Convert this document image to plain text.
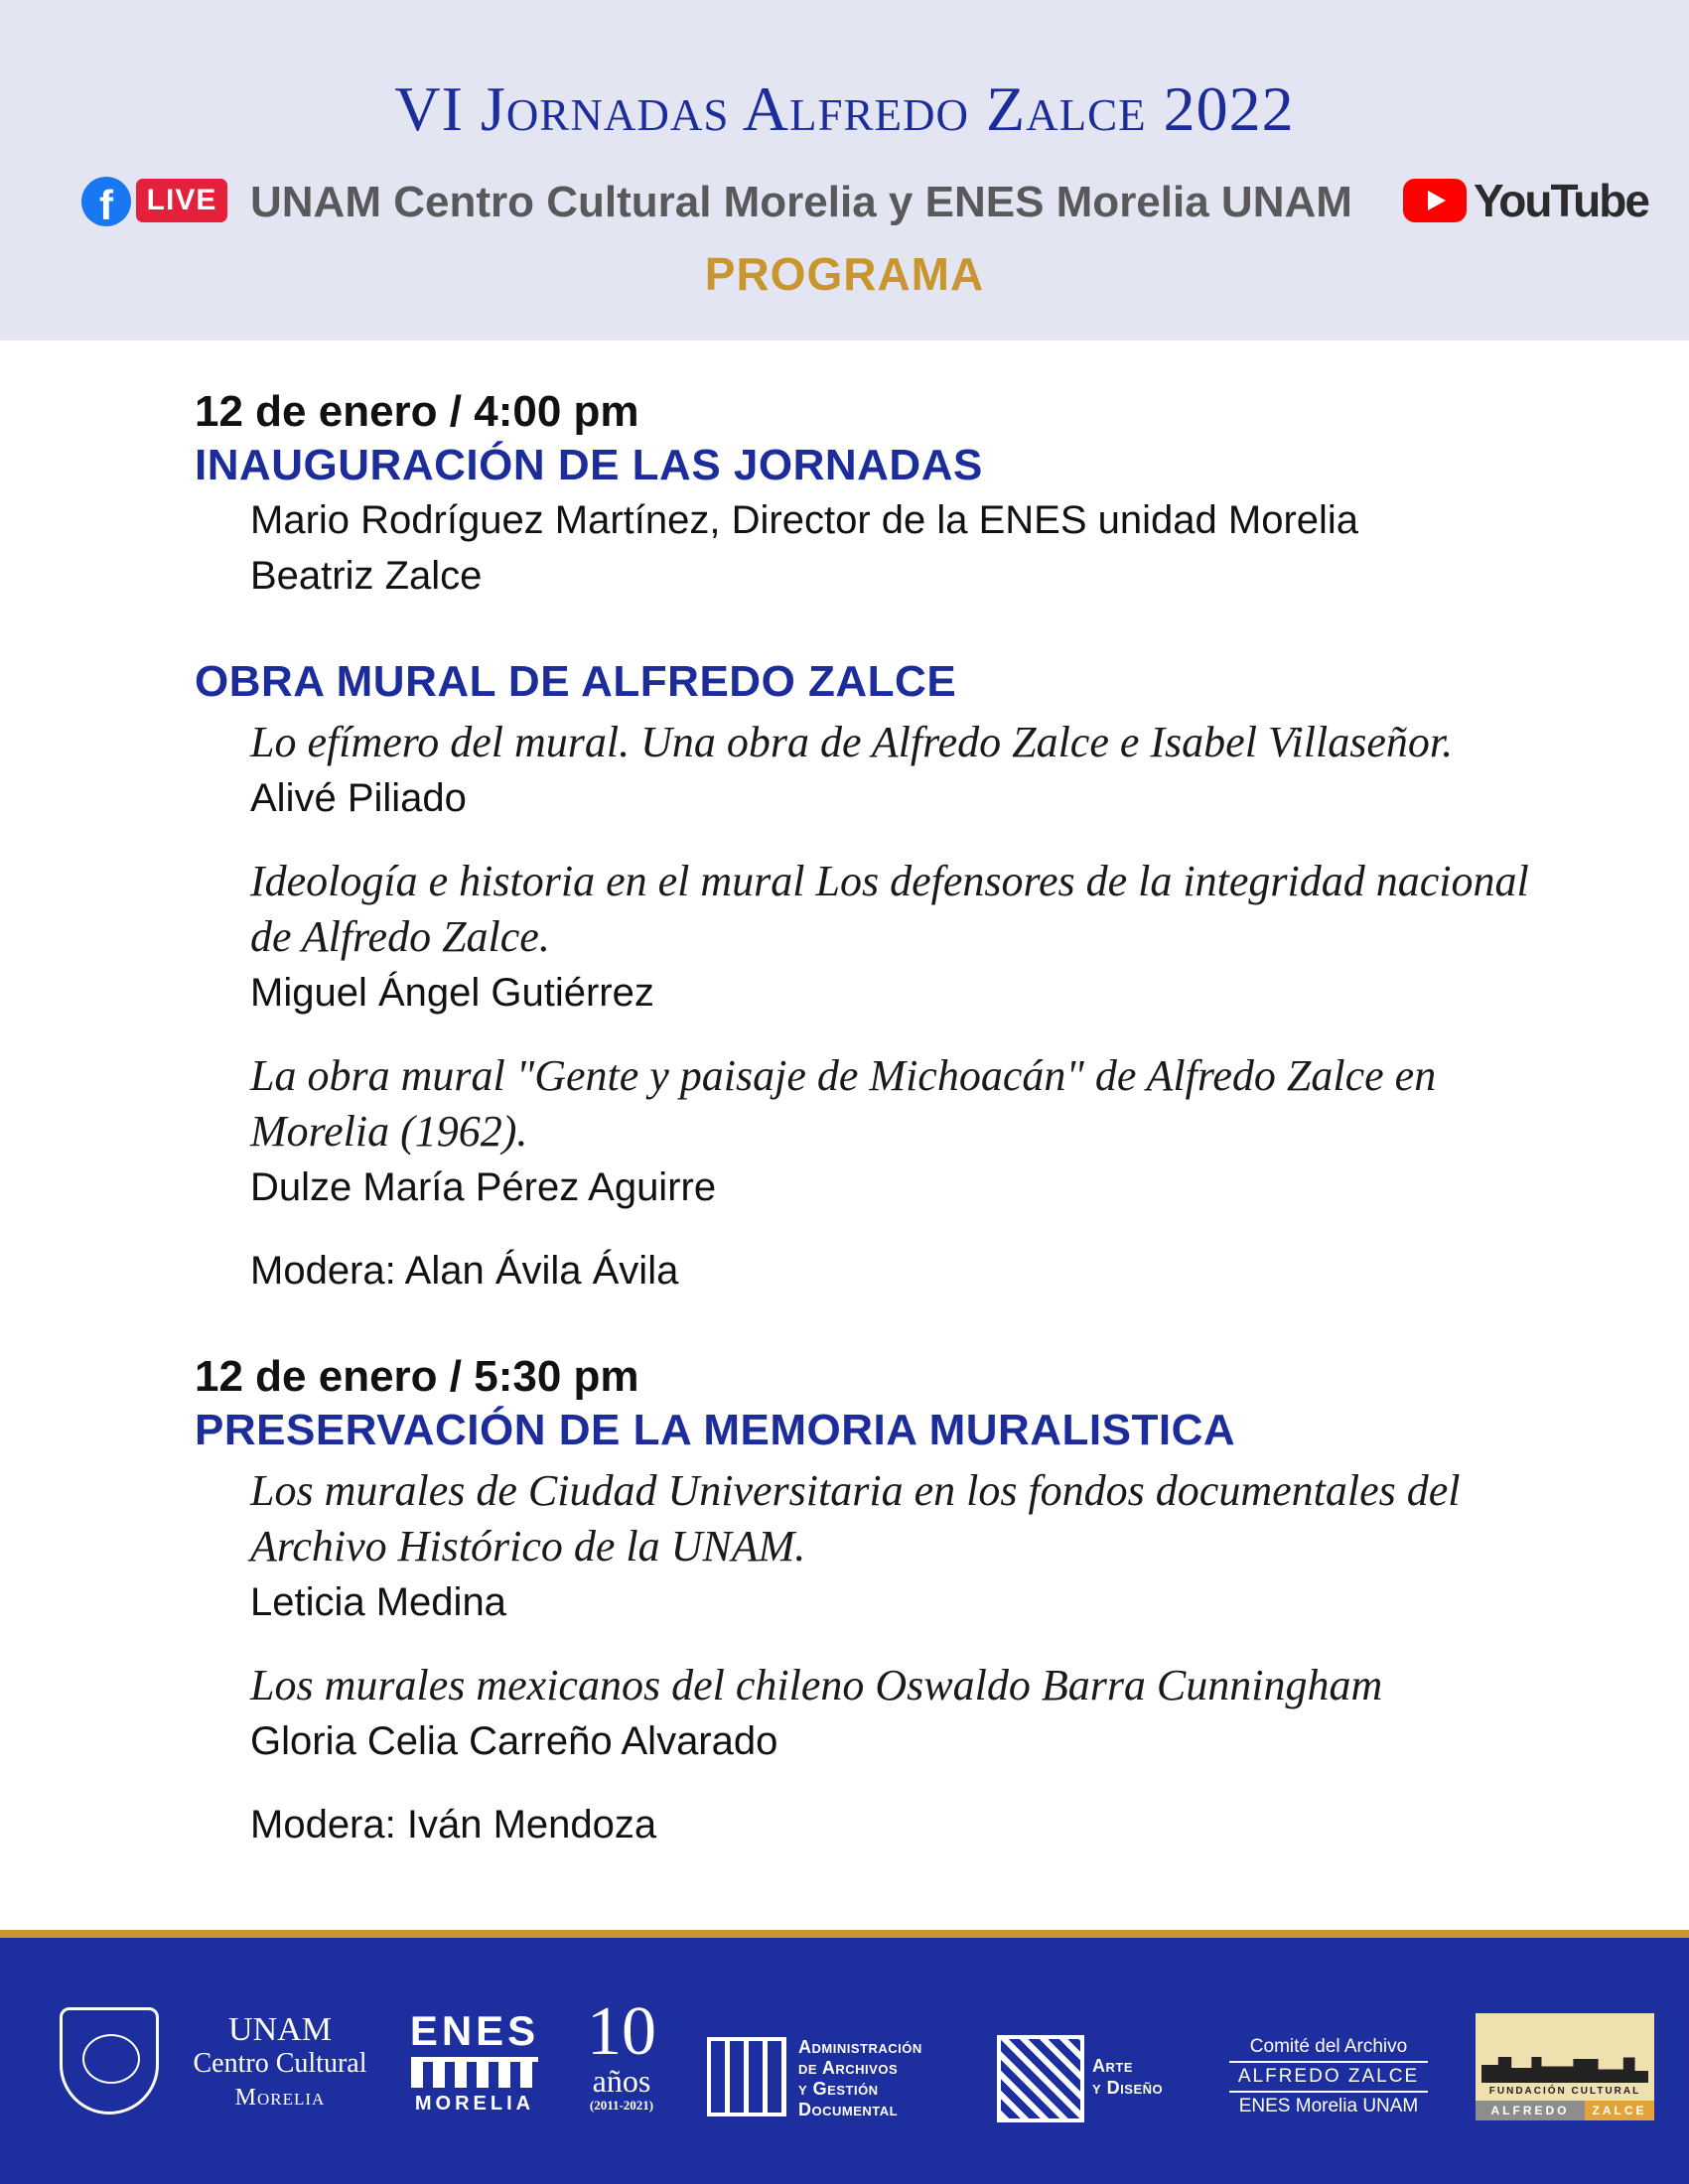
VI Jornadas Alfredo Zalce 2022
f	LIVE UNAM Centro Cultural Morelia y ENES Morelia UNAM	YouTube
PROGRAMA
12 de enero / 4:00 pm
INAUGURACIÓN DE LAS JORNADAS
Mario Rodríguez Martínez, Director de la ENES unidad Morelia
Beatriz Zalce
OBRA MURAL DE ALFREDO ZALCE
Lo efímero del mural. Una obra de Alfredo Zalce e Isabel Villaseñor.
Alivé Piliado
Ideología e historia en el mural Los defensores de la integridad nacional de Alfredo Zalce.
Miguel Ángel Gutiérrez
La obra mural "Gente y paisaje de Michoacán" de Alfredo Zalce en Morelia (1962).
Dulze María Pérez Aguirre
Modera: Alan Ávila Ávila
12 de enero / 5:30 pm
PRESERVACIÓN DE LA MEMORIA MURALISTICA
Los murales de Ciudad Universitaria en los fondos documentales del Archivo Histórico de la UNAM.
Leticia Medina
Los murales mexicanos del chileno Oswaldo Barra Cunningham
Gloria Celia Carreño Alvarado
Modera: Iván Mendoza
UNAM
Centro Cultural
Morelia
ENES
MORELIA
10
años
(2011-2021)
Administración
de Archivos
y Gestión
Documental
Arte
y Diseño
Comité del Archivo
ALFREDO ZALCE
ENES Morelia UNAM
FUNDACIÓN CULTURAL
ALFREDO	ZALCE
